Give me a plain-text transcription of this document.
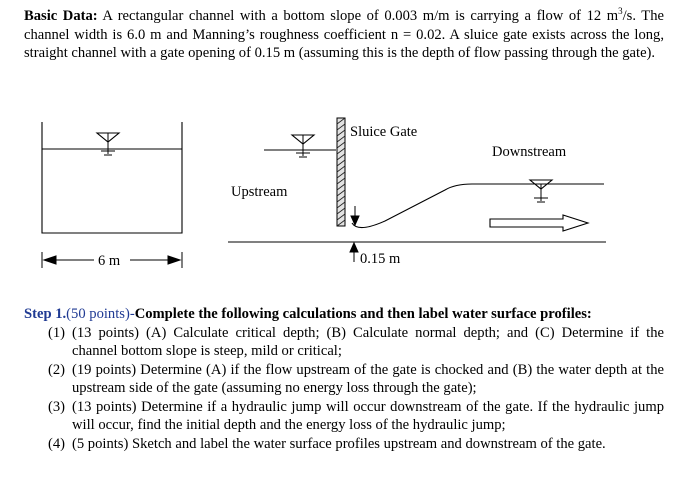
Basic Data: A rectangular channel with a bottom slope of 0.003 m/m is carrying a flow of 12 $m^3/s$. The channel width is 6.0 m and Manning’s roughness coefficient n = 0.02. A sluice gate exists across the long, straight channel with a gate opening of 0.15 m (assuming this is the depth of flow passing through the gate).
6 m
Sluice Gate
Upstream
Downstream
0.15 m
Step 1.(50 points)-Complete the following calculations and then label water surface profiles:
(1) (13 points) (A) Calculate critical depth; (B) Calculate normal depth; and (C) Determine if the channel bottom slope is steep, mild or critical;
(2) (19 points) Determine (A) if the flow upstream of the gate is chocked and (B) the water depth at the upstream side of the gate (assuming no energy loss through the gate);
(3) (13 points) Determine if a hydraulic jump will occur downstream of the gate. If the hydraulic jump will occur, find the initial depth and the energy loss of the hydraulic jump;
(4) (5 points) Sketch and label the water surface profiles upstream and downstream of the gate.
